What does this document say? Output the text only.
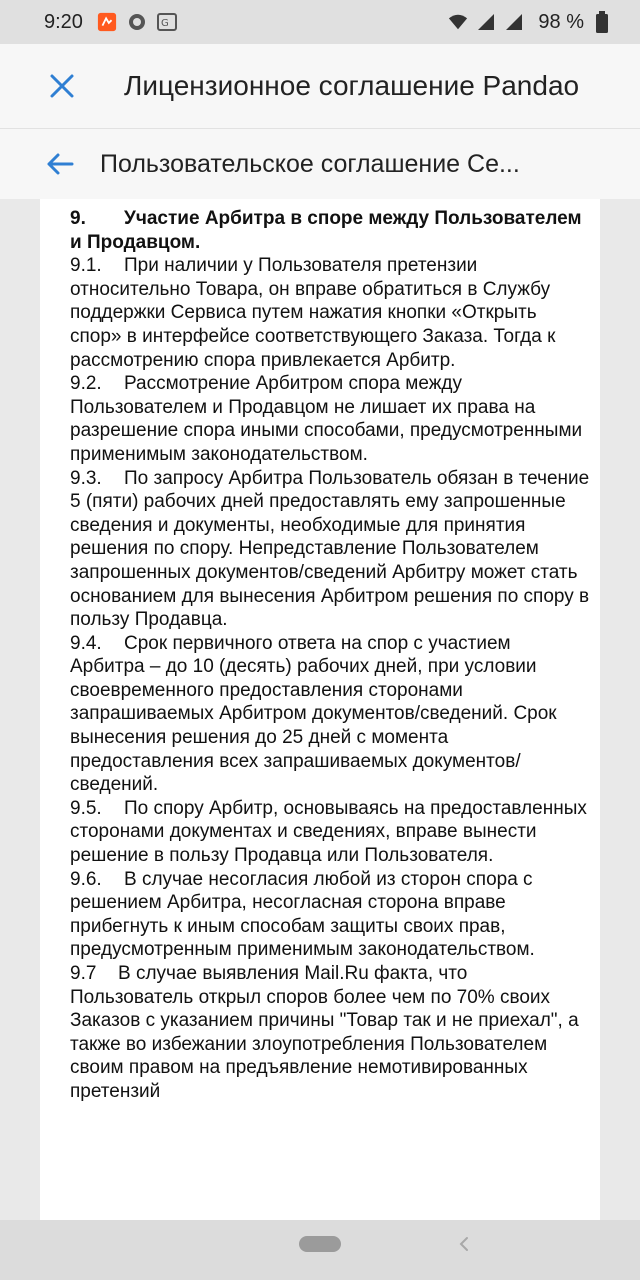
9:20	G	98 %
Лицензионное соглашение Pandao
Пользовательское соглашение Се...

9. Участие Арбитра в споре между Пользователем и Продавцом.

9.1. При наличии у Пользователя претензии относительно Товара, он вправе обратиться в Службу поддержки Сервиса путем нажатия кнопки «Открыть спор» в интерфейсе соответствующего Заказа. Тогда к рассмотрению спора привлекается Арбитр.

9.2. Рассмотрение Арбитром спора между Пользователем и Продавцом не лишает их права на разрешение спора иными способами, предусмотренными применимым законодательством.

9.3. По запросу Арбитра Пользователь обязан в течение 5 (пяти) рабочих дней предоставлять ему запрошенные сведения и документы, необходимые для принятия решения по спору. Непредставление Пользователем запрошенных документов/сведений Арбитру может стать основанием для вынесения Арбитром решения по спору в пользу Продавца.

9.4. Срок первичного ответа на спор с участием Арбитра – до 10 (десять) рабочих дней, при условии своевременного предоставления сторонами запрашиваемых Арбитром документов/сведений. Срок вынесения решения до 25 дней с момента предоставления всех запрашиваемых документов/сведений.

9.5. По спору Арбитр, основываясь на предоставленных сторонами документах и сведениях, вправе вынести решение в пользу Продавца или Пользователя.

9.6. В случае несогласия любой из сторон спора с решением Арбитра, несогласная сторона вправе прибегнуть к иным способам защиты своих прав, предусмотренным применимым законодательством.

9.7 В случае выявления Mail.Ru факта, что Пользователь открыл споров более чем по 70% своих Заказов с указанием причины "Товар так и не приехал", а также во избежании злоупотребления Пользователем своим правом на предъявление немотивированных претензий
